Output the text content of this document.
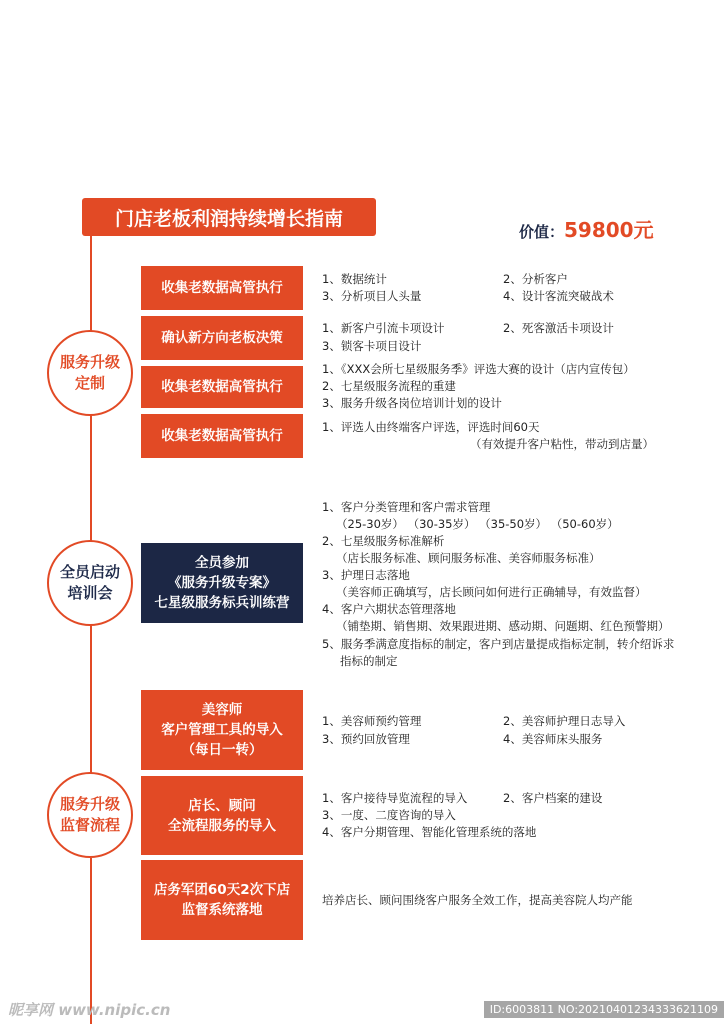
门店老板利润持续增长指南
价值：59800元
服务升级
定制
收集老数据高管执行
1、数据统计	2、分析客户
3、分析项目人头量	4、设计客流突破战术
确认新方向老板决策
1、新客户引流卡项设计	2、死客激活卡项设计
3、锁客卡项目设计
收集老数据高管执行
1、《XXX会所七星级服务季》评选大赛的设计（店内宣传包）
2、七星级服务流程的重建
3、服务升级各岗位培训计划的设计
收集老数据高管执行
1、评选人由终端客户评选，评选时间60天
（有效提升客户粘性，带动到店量）
全员启动
培训会
全员参加
《服务升级专案》
七星级服务标兵训练营
1、客户分类管理和客户需求管理
（25-30岁） （30-35岁） （35-50岁） （50-60岁）
2、七星级服务标准解析
（店长服务标准、顾问服务标准、美容师服务标准）
3、护理日志落地
（美容师正确填写，店长顾问如何进行正确辅导，有效监督）
4、客户六期状态管理落地
（铺垫期、销售期、效果跟进期、感动期、问题期、红色预警期）
5、服务季满意度指标的制定，客户到店量提成指标定制，转介绍诉求
指标的制定
服务升级
监督流程
美容师
客户管理工具的导入
（每日一转）
1、美容师预约管理	2、美容师护理日志导入
3、预约回放管理	4、美容师床头服务
店长、顾问
全流程服务的导入
1、客户接待导览流程的导入	2、客户档案的建设
3、一度、二度咨询的导入
4、客户分期管理、智能化管理系统的落地
店务军团60天2次下店
监督系统落地
培养店长、顾问围绕客户服务全效工作，提高美容院人均产能
昵享网 www.nipic.cn	ID:6003811 NO:20210401234333621109
